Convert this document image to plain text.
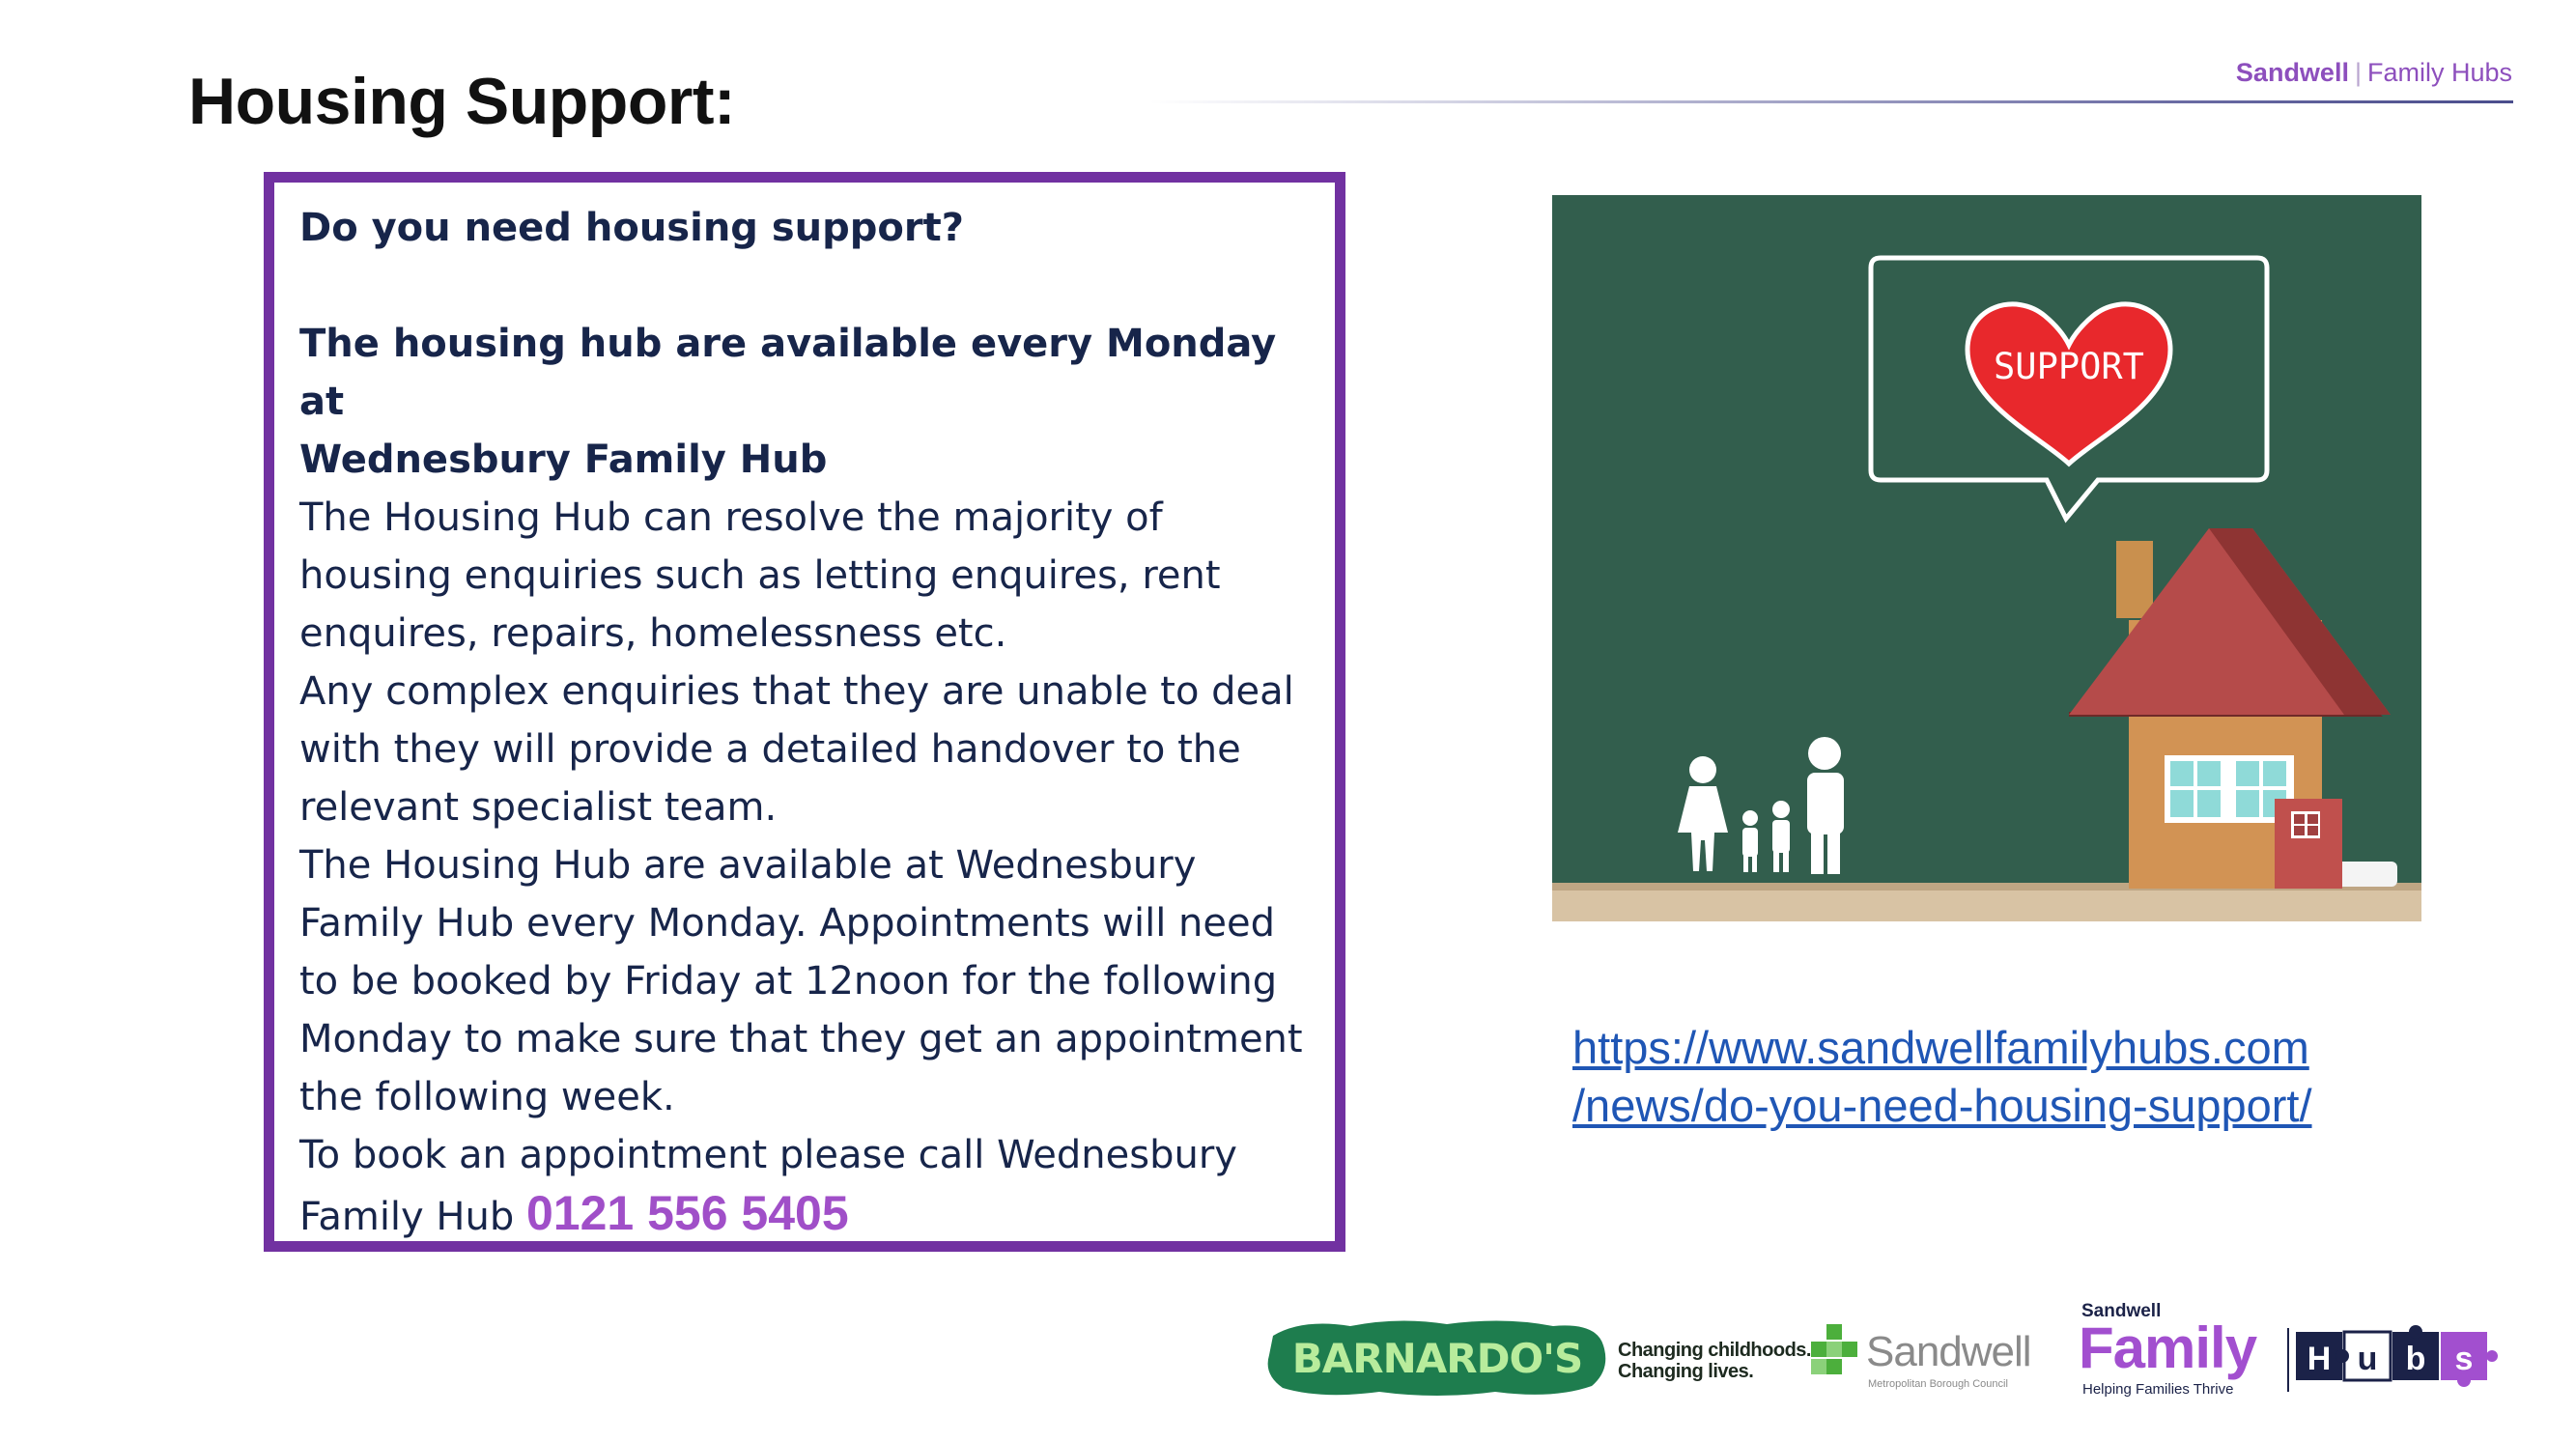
Housing Support:	Sandwell | Family Hubs

Do you need housing support?

The housing hub are available every Monday at

Wednesbury Family Hub

The Housing Hub can resolve the majority of

housing enquiries such as letting enquires, rent

enquires, repairs, homelessness etc.

Any complex enquiries that they are unable to deal

with they will provide a detailed handover to the

relevant specialist team.

The Housing Hub are available at Wednesbury

Family Hub every Monday. Appointments will need

to be booked by Friday at 12noon for the following

Monday to make sure that they get an appointment

the following week.

To book an appointment please call Wednesbury

Family Hub 0121 556 5405

SUPPORT
https://www.sandwellfamilyhubs.com
/news/do-you-need-housing-support/
BARNARDO'S Changing childhoods.
Changing lives.	Sandwell
Metropolitan Borough Council
Sandwell
Family
Helping Families Thrive
H u b s
